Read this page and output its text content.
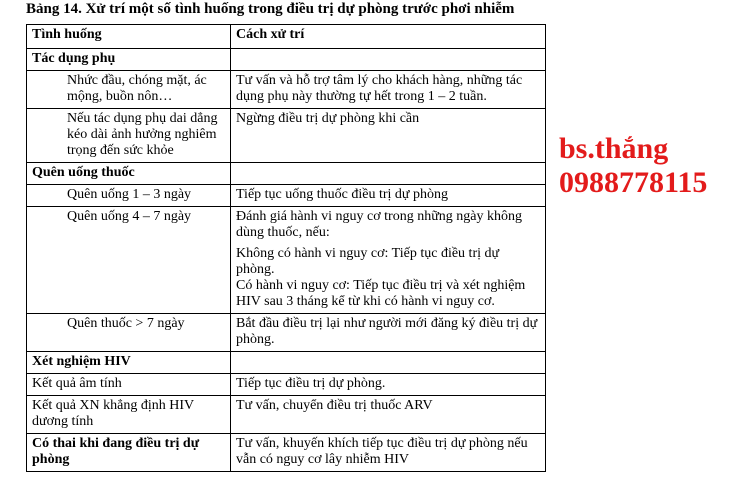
Bảng 14. Xử trí một số tình huống trong điều trị dự phòng trước phơi nhiễm
Tình huống	Cách xử trí
Tác dụng phụ	
Nhức đầu, chóng mặt, ác mộng, buồn nôn…	Tư vấn và hỗ trợ tâm lý cho khách hàng, những tác dụng phụ này thường tự hết trong 1 – 2 tuần.
Nếu tác dụng phụ dai dẳng kéo dài ảnh hưởng nghiêm trọng đến sức khỏe	Ngừng điều trị dự phòng khi cần
Quên uống thuốc	
Quên uống 1 – 3 ngày	Tiếp tục uống thuốc điều trị dự phòng
Quên uống 4 – 7 ngày	Đánh giá hành vi nguy cơ trong những ngày không dùng thuốc, nếu:

Không có hành vi nguy cơ: Tiếp tục điều trị dự phòng.

Có hành vi nguy cơ: Tiếp tục điều trị và xét nghiệm HIV sau 3 tháng kể từ khi có hành vi nguy cơ.

Quên thuốc > 7 ngày	Bắt đầu điều trị lại như người mới đăng ký điều trị dự phòng.
Xét nghiệm HIV	
Kết quả âm tính	Tiếp tục điều trị dự phòng.
Kết quả XN khẳng định HIV dương tính	Tư vấn, chuyển điều trị thuốc ARV
Có thai khi đang điều trị dự phòng	Tư vấn, khuyến khích tiếp tục điều trị dự phòng nếu vẫn có nguy cơ lây nhiễm HIV
bs.thắng
0988778115
